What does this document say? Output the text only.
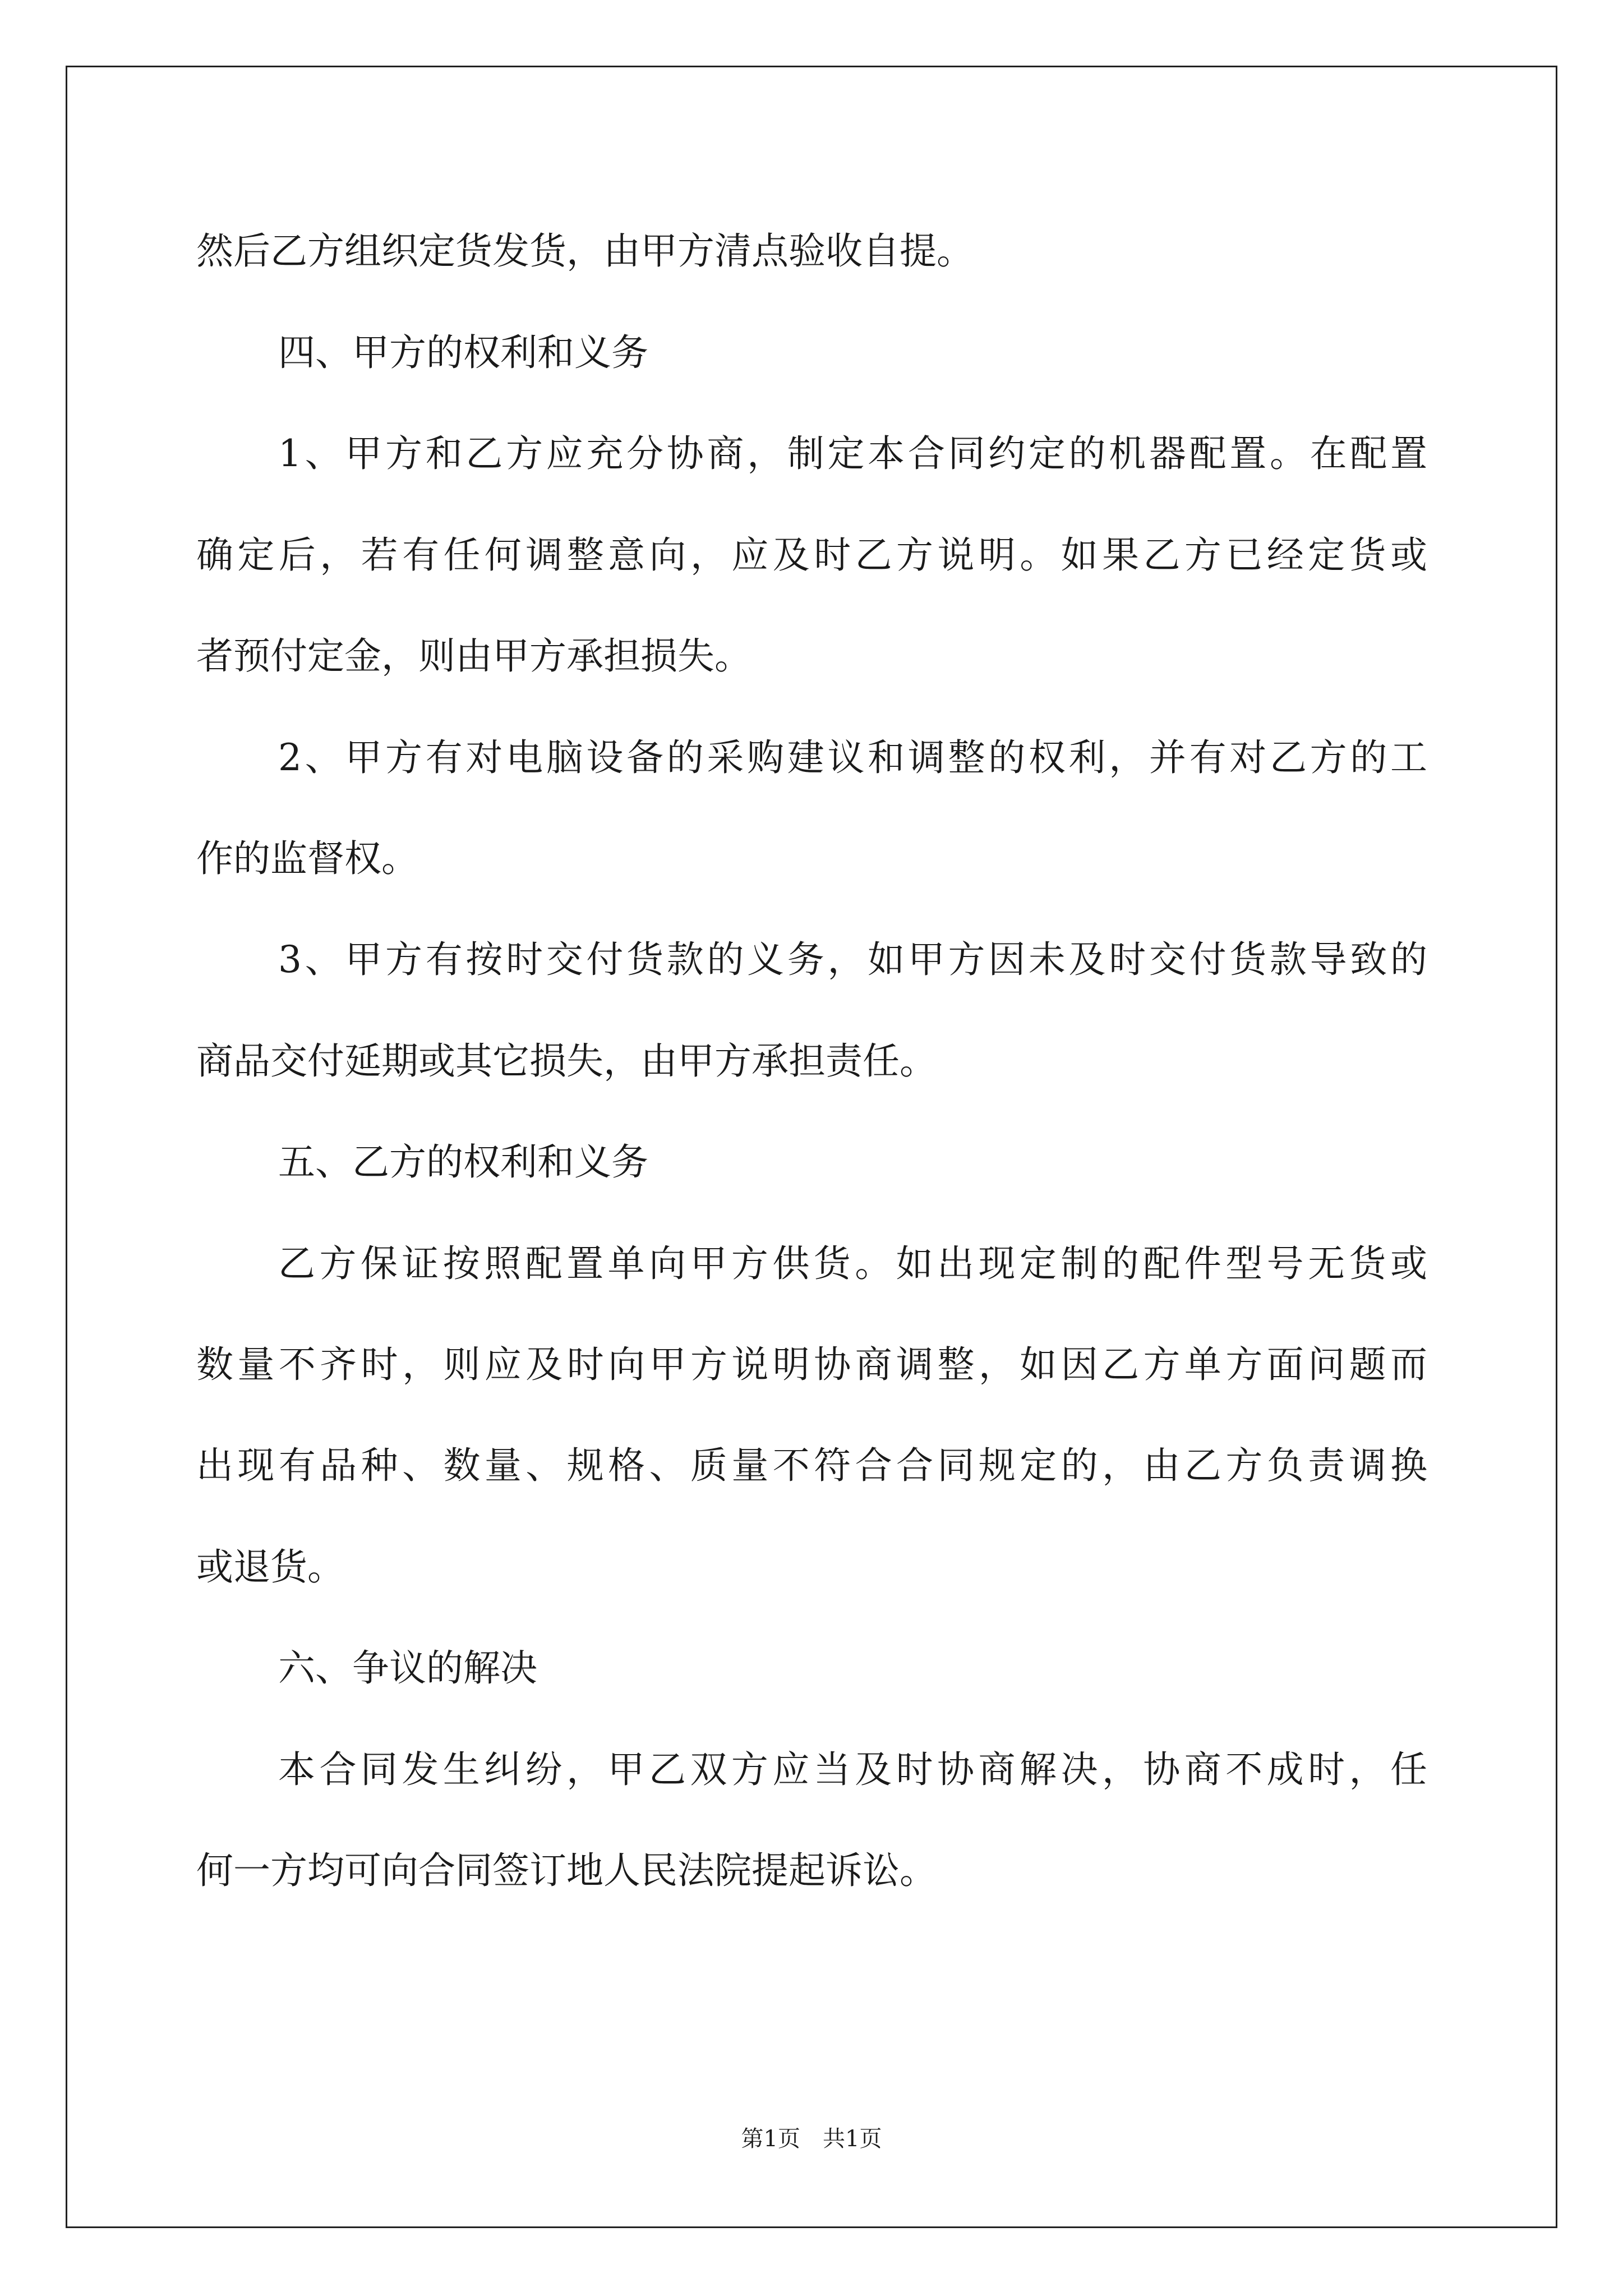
然后乙方组织定货发货，由甲方清点验收自提。
四、甲方的权利和义务
1、甲方和乙方应充分协商，制定本合同约定的机器配置。在配置
确定后，若有任何调整意向，应及时乙方说明。如果乙方已经定货或
者预付定金，则由甲方承担损失。
2、甲方有对电脑设备的采购建议和调整的权利，并有对乙方的工
作的监督权。
3、甲方有按时交付货款的义务，如甲方因未及时交付货款导致的
商品交付延期或其它损失，由甲方承担责任。
五、乙方的权利和义务
乙方保证按照配置单向甲方供货。如出现定制的配件型号无货或
数量不齐时，则应及时向甲方说明协商调整，如因乙方单方面问题而
出现有品种、数量、规格、质量不符合合同规定的，由乙方负责调换
或退货。
六、争议的解决
本合同发生纠纷，甲乙双方应当及时协商解决，协商不成时，任
何一方均可向合同签订地人民法院提起诉讼。
第1页　共1页
